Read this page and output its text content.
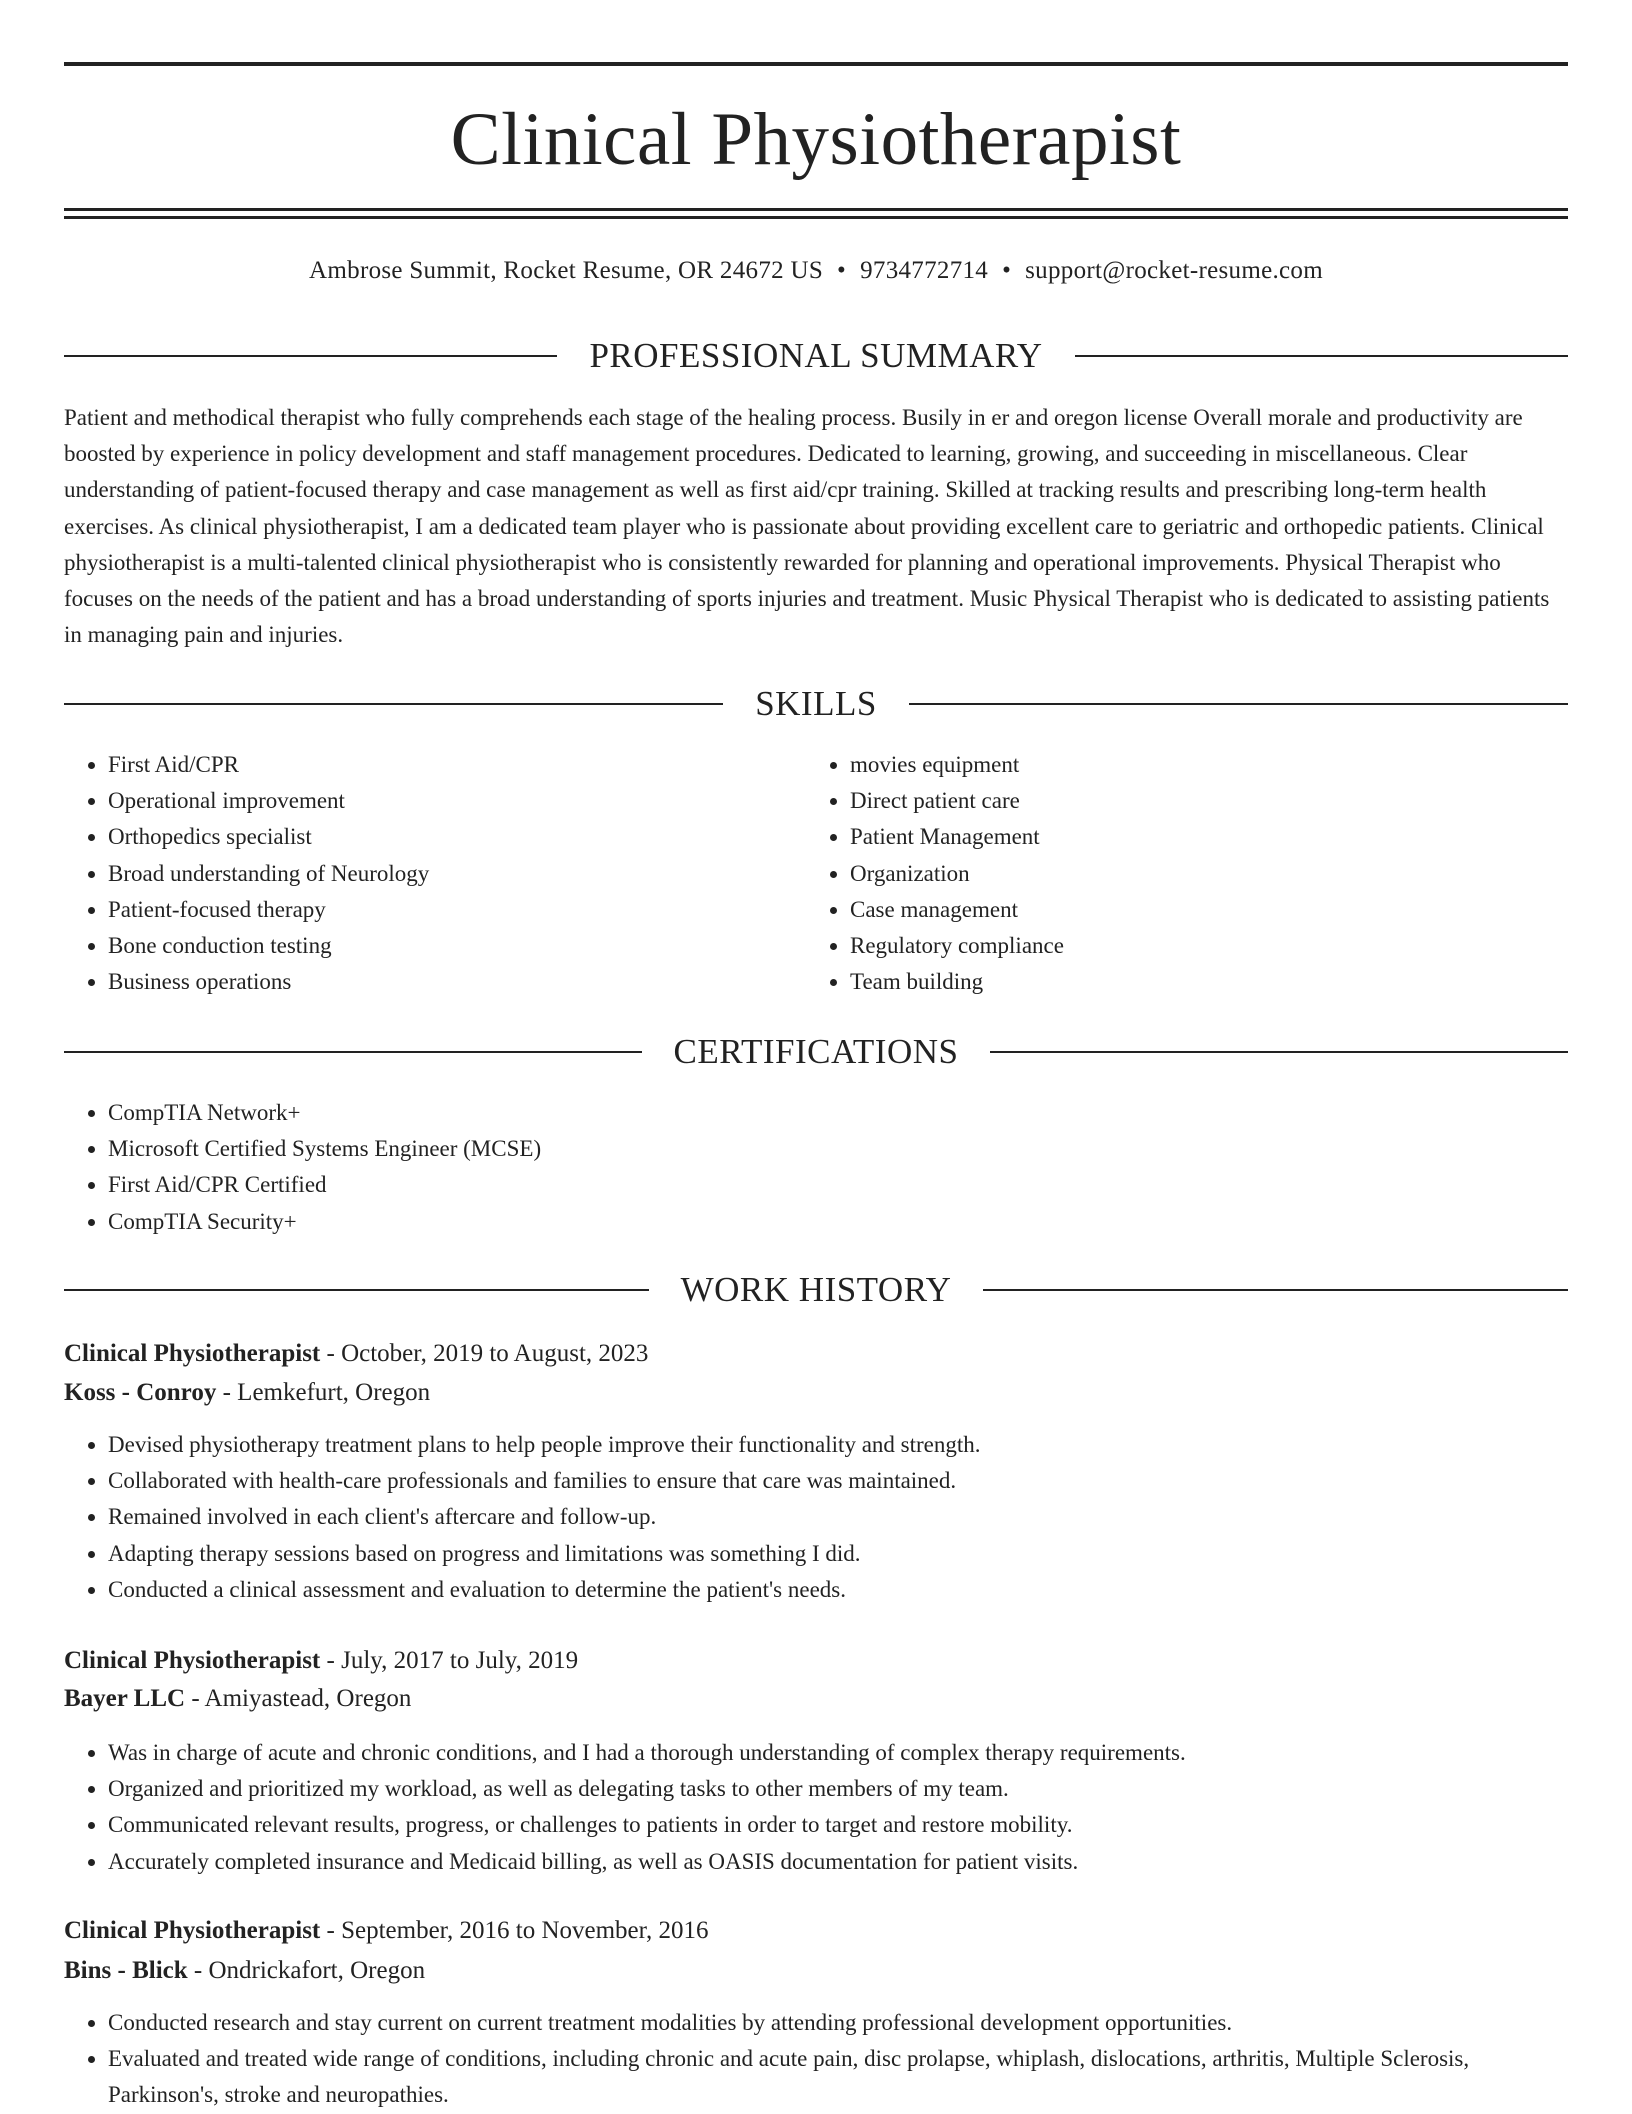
Clinical Physiotherapist
Ambrose Summit, Rocket Resume, OR 24672 US • 9734772714 • support@rocket-resume.com
PROFESSIONAL SUMMARY

Patient and methodical therapist who fully comprehends each stage of the healing process. Busily in er and oregon license Overall morale and productivity are boosted by experience in policy development and staff management procedures. Dedicated to learning, growing, and succeeding in miscellaneous. Clear understanding of patient-focused therapy and case management as well as first aid/cpr training. Skilled at tracking results and prescribing long-term health exercises. As clinical physiotherapist, I am a dedicated team player who is passionate about providing excellent care to geriatric and orthopedic patients. Clinical physiotherapist is a multi-talented clinical physiotherapist who is consistently rewarded for planning and operational improvements. Physical Therapist who focuses on the needs of the patient and has a broad understanding of sports injuries and treatment. Music Physical Therapist who is dedicated to assisting patients in managing pain and injuries.

SKILLS
• First Aid/CPR
• Operational improvement
• Orthopedics specialist
• Broad understanding of Neurology
• Patient-focused therapy
• Bone conduction testing
• Business operations
• movies equipment
• Direct patient care
• Patient Management
• Organization
• Case management
• Regulatory compliance
• Team building
CERTIFICATIONS
• CompTIA Network+
• Microsoft Certified Systems Engineer (MCSE)
• First Aid/CPR Certified
• CompTIA Security+
WORK HISTORY
Clinical Physiotherapist - October, 2019 to August, 2023
Koss - Conroy - Lemkefurt, Oregon
• Devised physiotherapy treatment plans to help people improve their functionality and strength.
• Collaborated with health-care professionals and families to ensure that care was maintained.
• Remained involved in each client's aftercare and follow-up.
• Adapting therapy sessions based on progress and limitations was something I did.
• Conducted a clinical assessment and evaluation to determine the patient's needs.
Clinical Physiotherapist - July, 2017 to July, 2019
Bayer LLC - Amiyastead, Oregon
• Was in charge of acute and chronic conditions, and I had a thorough understanding of complex therapy requirements.
• Organized and prioritized my workload, as well as delegating tasks to other members of my team.
• Communicated relevant results, progress, or challenges to patients in order to target and restore mobility.
• Accurately completed insurance and Medicaid billing, as well as OASIS documentation for patient visits.
Clinical Physiotherapist - September, 2016 to November, 2016
Bins - Blick - Ondrickafort, Oregon
• Conducted research and stay current on current treatment modalities by attending professional development opportunities.
• Evaluated and treated wide range of conditions, including chronic and acute pain, disc prolapse, whiplash, dislocations, arthritis, Multiple Sclerosis, Parkinson's, stroke and neuropathies.
